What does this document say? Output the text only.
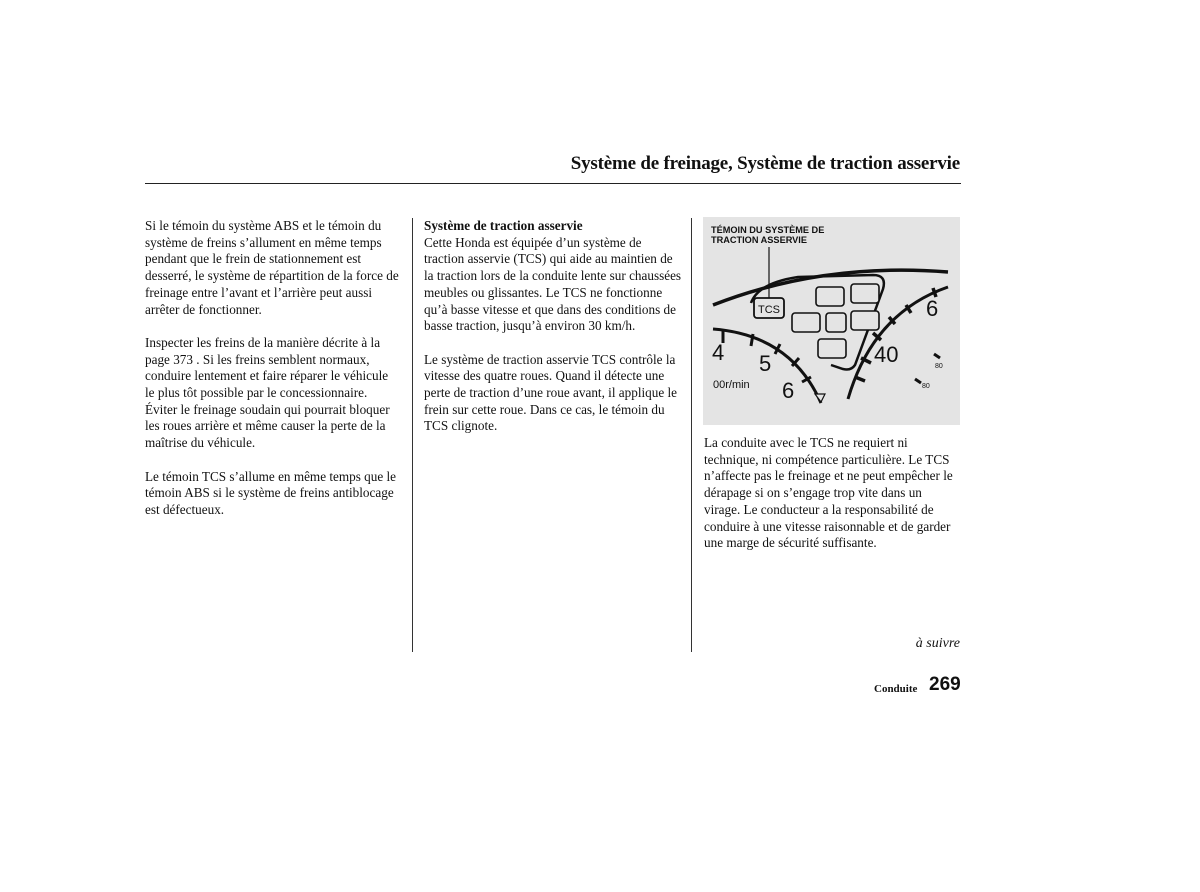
Système de freinage, Système de traction asservie

Si le témoin du système ABS et le témoin du système de freins s’allument en même temps pendant que le frein de stationnement est desserré, le système de répartition de la force de freinage entre l’avant et l’arrière peut aussi arrêter de fonctionner.

Inspecter les freins de la manière décrite à la page 373 . Si les freins semblent normaux, conduire lentement et faire réparer le véhicule le plus tôt possible par le concessionnaire. Éviter le freinage soudain qui pourrait bloquer les roues arrière et même causer la perte de la maîtrise du véhicule.

Le témoin TCS s’allume en même temps que le témoin ABS si le système de freins antiblocage est défectueux.

Système de traction asservie

Cette Honda est équipée d’un système de traction asservie (TCS) qui aide au maintien de la traction lors de la conduite lente sur chaussées meubles ou glissantes. Le TCS ne fonctionne qu’à basse vitesse et que dans des conditions de basse traction, jusqu’à environ 30 km/h.

Le système de traction asservie TCS contrôle la vitesse des quatre roues. Quand il détecte une perte de traction d’une roue avant, il applique le frein sur cette roue. Dans ce cas, le témoin du TCS clignote.

TCS
4 5
6
00r/min
40
6
80
80
TÉMOIN DU SYSTÈME DE
TRACTION ASSERVIE

La conduite avec le TCS ne requiert ni technique, ni compétence particulière. Le TCS n’affecte pas le freinage et ne peut empêcher le dérapage si on s’engage trop vite dans un virage. Le conducteur a la responsabilité de conduire à une vitesse raisonnable et de garder une marge de sécurité suffisante.

à suivre
Conduite 269
